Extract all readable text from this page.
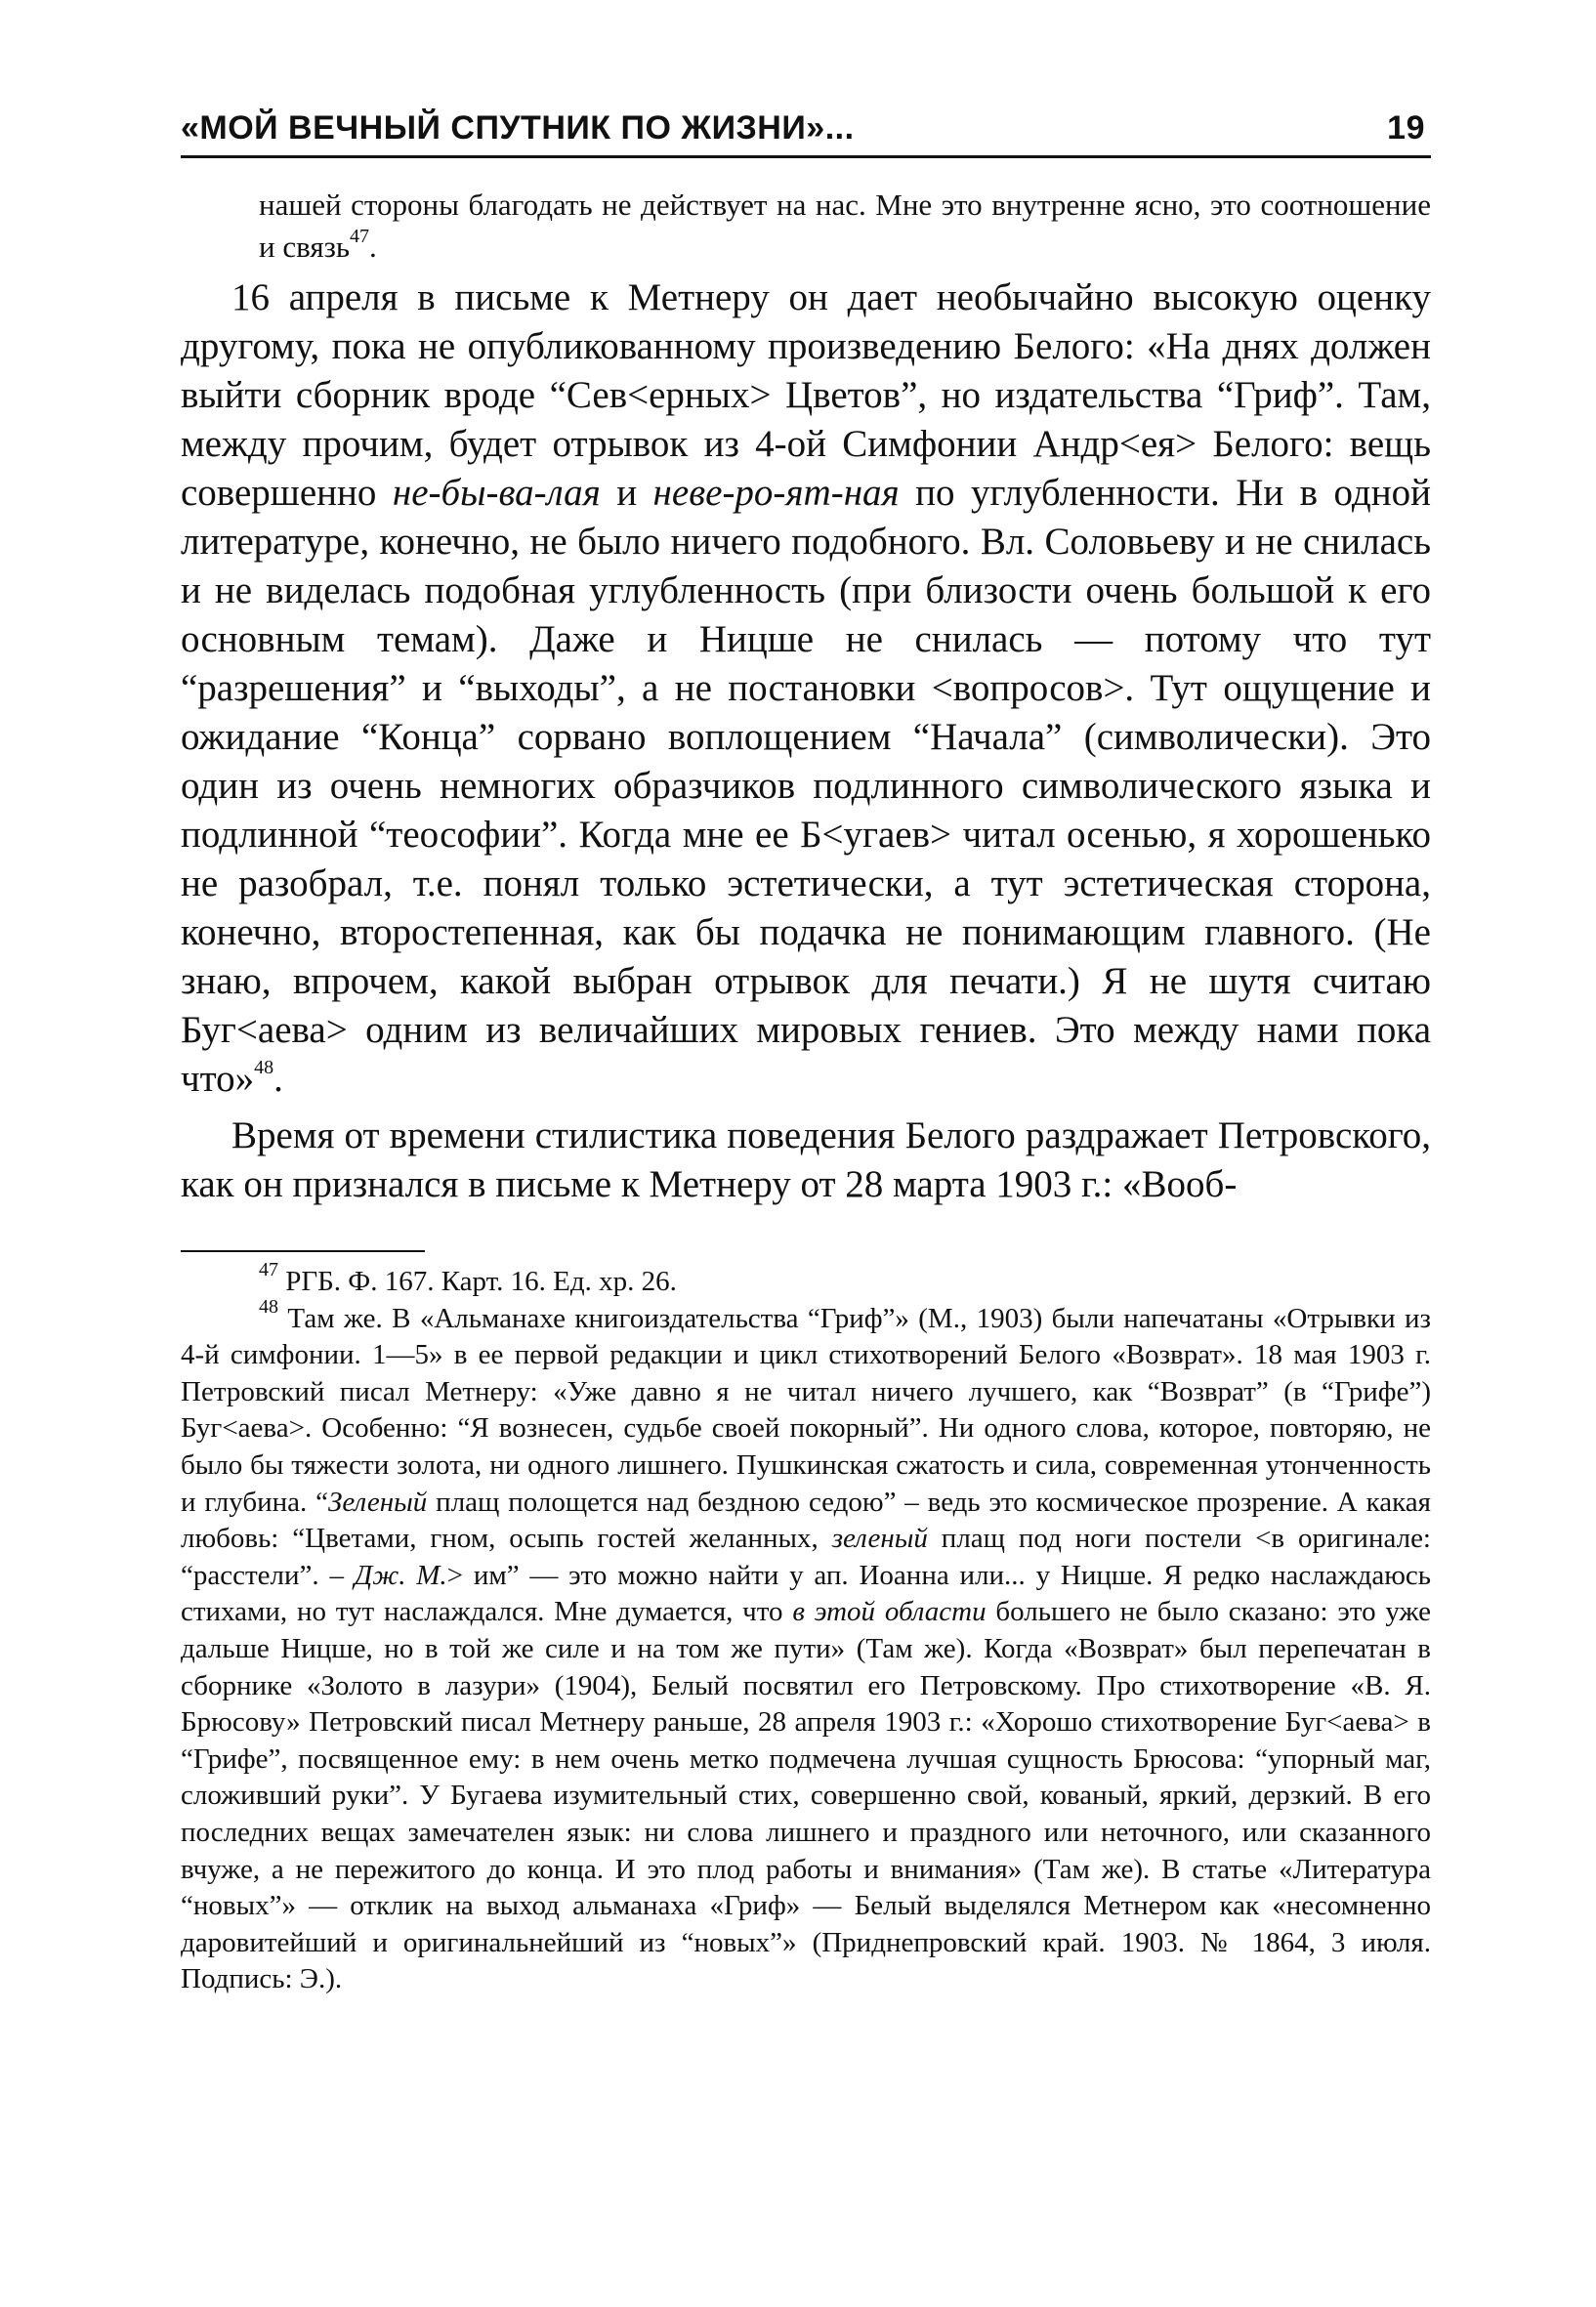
«МОЙ ВЕЧНЫЙ СПУТНИК ПО ЖИЗНИ»...	19

нашей стороны благодать не действует на нас. Мне это внутренне ясно, это соотношение и связь$^{47}$.

16 апреля в письме к Метнеру он дает необычайно высокую оценку другому, пока не опубликованному произведению Белого: «На днях должен выйти сборник вроде “Сев<ерных> Цветов”, но издательства “Гриф”. Там, между прочим, будет отрывок из 4-ой Симфонии Андр<ея> Белого: вещь совершенно не-бы-ва-лая и неве-ро-ят-ная по углубленности. Ни в одной литературе, конечно, не было ничего подобного. Вл. Соловьеву и не снилась и не виделась подобная углубленность (при близости очень большой к его основным темам). Даже и Ницше не снилась — потому что тут “разрешения” и “выходы”, а не постановки <вопросов>. Тут ощущение и ожидание “Конца” сорвано воплощением “Начала” (символически). Это один из очень немногих образчиков подлинного символического языка и подлинной “теософии”. Когда мне ее Б<угаев> читал осенью, я хорошенько не разобрал, т.е. понял только эстетически, а тут эстетическая сторона, конечно, второстепенная, как бы подачка не понимающим главного. (Не знаю, впрочем, какой выбран отрывок для печати.) Я не шутя считаю Буг<аева> одним из величайших мировых гениев. Это между нами пока что»$^{48}$.

Время от времени стилистика поведения Белого раздражает Петровского, как он признался в письме к Метнеру от 28 марта 1903 г.: «Вооб-

$^{47}$ РГБ. Ф. 167. Карт. 16. Ед. хр. 26.

$^{48}$ Там же. В «Альманахе книгоиздательства “Гриф”» (М., 1903) были напечатаны «Отрывки из 4-й симфонии. 1—5» в ее первой редакции и цикл стихотворений Белого «Возврат». 18 мая 1903 г. Петровский писал Метнеру: «Уже давно я не читал ничего лучшего, как “Возврат” (в “Грифе”) Буг<аева>. Особенно: “Я вознесен, судьбе своей покорный”. Ни одного слова, которое, повторяю, не было бы тяжести золота, ни одного лишнего. Пушкинская сжатость и сила, современная утонченность и глубина. “Зеленый плащ полощется над бездною седою” – ведь это космическое прозрение. А какая любовь: “Цветами, гном, осыпь гостей желанных, зеленый плащ под ноги постели <в оригинале: “расстели”. – Дж. М.> им” — это можно найти у ап. Иоанна или... у Ницше. Я редко наслаждаюсь стихами, но тут наслаждался. Мне думается, что в этой области большего не было сказано: это уже дальше Ницше, но в той же силе и на том же пути» (Там же). Когда «Возврат» был перепечатан в сборнике «Золото в лазури» (1904), Белый посвятил его Петровскому. Про стихотворение «В. Я. Брюсову» Петровский писал Метнеру раньше, 28 апреля 1903 г.: «Хорошо стихотворение Буг<аева> в “Грифе”, посвященное ему: в нем очень метко подмечена лучшая сущность Брюсова: “упорный маг, сложивший руки”. У Бугаева изумительный стих, совершенно свой, кованый, яркий, дерзкий. В его последних вещах замечателен язык: ни слова лишнего и праздного или неточного, или сказанного вчуже, а не пережитого до конца. И это плод работы и внимания» (Там же). В статье «Литература “новых”» — отклик на выход альманаха «Гриф» — Белый выделялся Метнером как «несомненно даровитейший и оригинальнейший из “новых”» (Приднепровский край. 1903. № 1864, 3 июля. Подпись: Э.).
